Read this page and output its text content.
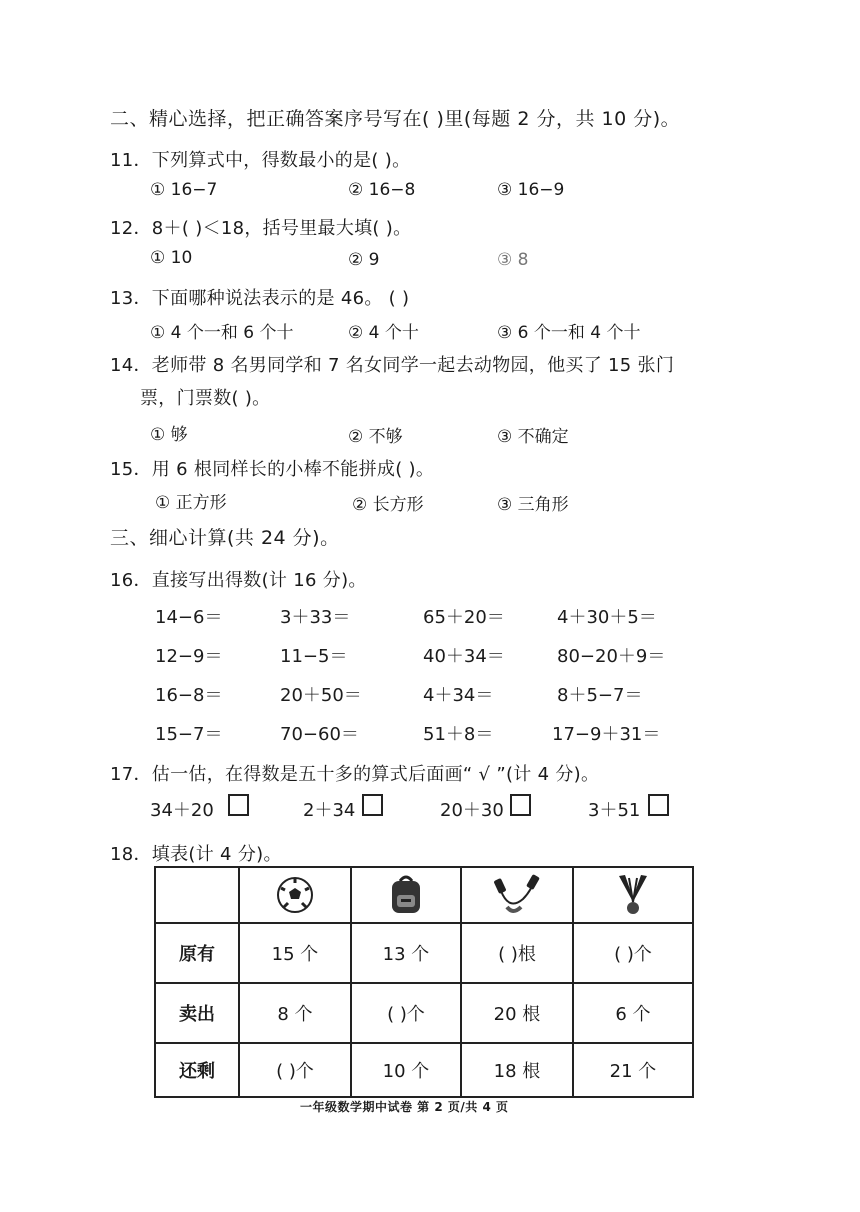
二、精心选择，把正确答案序号写在( )里(每题 2 分，共 10 分)。
11．下列算式中，得数最小的是( )。
① 16−7	② 16−8	③ 16−9
12．8＋( )＜18，括号里最大填( )。
① 10	② 9	③ 8
13．下面哪种说法表示的是 46。 ( )
① 4 个一和 6 个十	② 4 个十	③ 6 个一和 4 个十
14．老师带 8 名男同学和 7 名女同学一起去动物园，他买了 15 张门
票，门票数( )。
① 够	② 不够	③ 不确定
15．用 6 根同样长的小棒不能拼成( )。
① 正方形	② 长方形	③ 三角形
三、细心计算(共 24 分)。
16．直接写出得数(计 16 分)。
14−6＝	3＋33＝	65＋20＝	4＋30＋5＝
12−9＝	11−5＝	40＋34＝	80−20＋9＝
16−8＝	20＋50＝	4＋34＝	8＋5−7＝
15−7＝	70−60＝	51＋8＝	17−9＋31＝
17．估一估，在得数是五十多的算式后面画“ √ ”(计 4 分)。
34＋20	2＋34	20＋30	3＋51
18．填表(计 4 分)。

原有	15 个	13 个	( )根	( )个
卖出	8 个	( )个	20 根	6 个
还剩	( )个	10 个	18 根	21 个
一年级数学期中试卷 第 2 页/共 4 页
